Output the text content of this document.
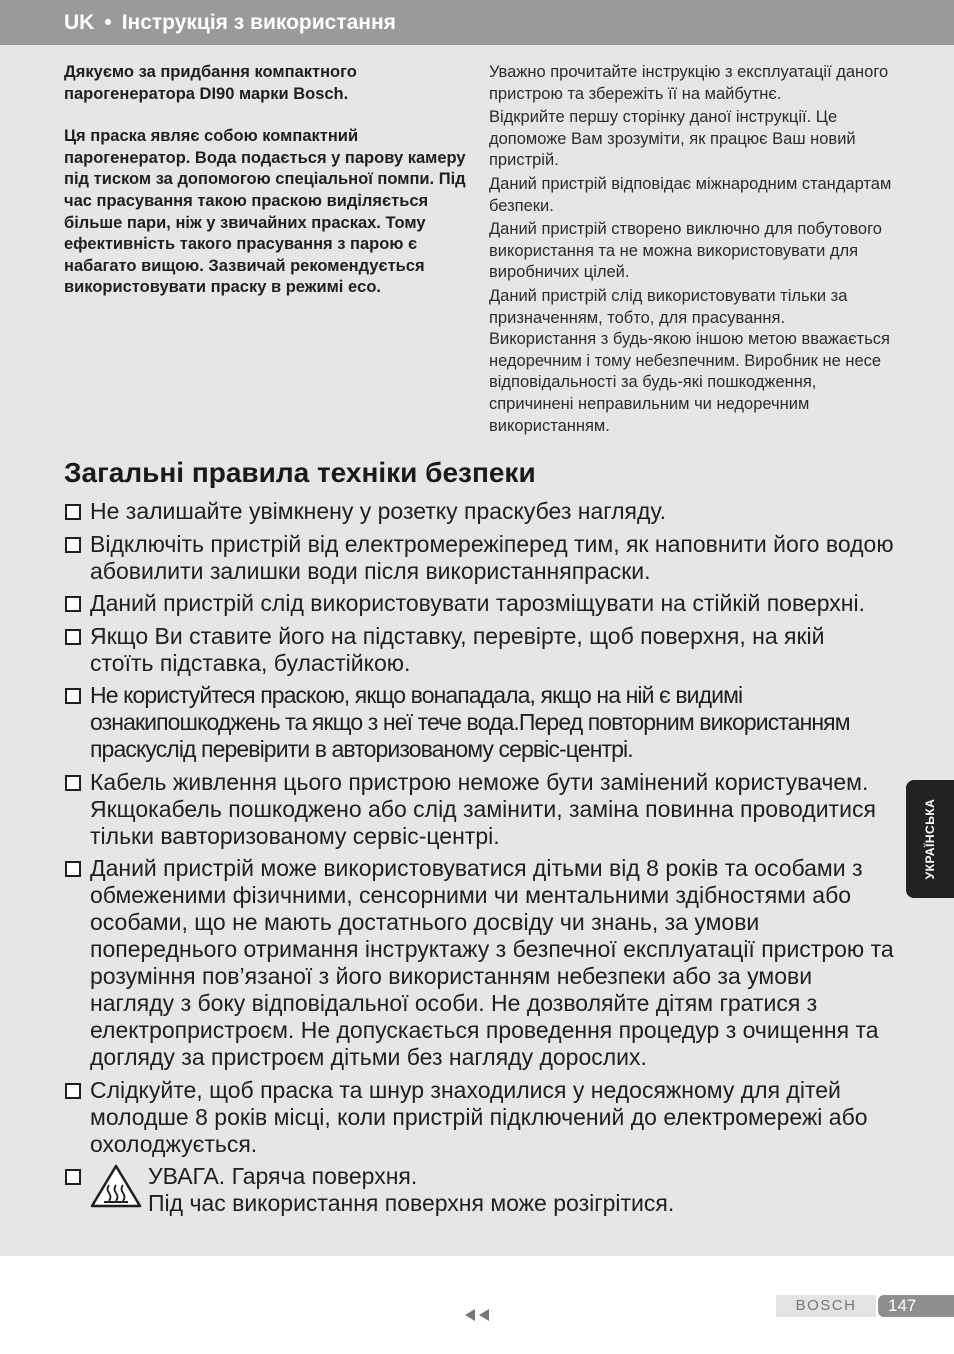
UK • Інструкція з використання

Дякуємо за придбання компактного парогенератора DI90 марки Bosch.

Ця праска являє собою компактний парогенератор. Вода подається у парову камеру під тиском за допомогою спеціальної помпи. Під час прасування такою праскою виділяється більше пари, ніж у звичайних прасках. Тому ефективність такого прасування з парою є набагато вищою. Зазвичай рекомендується використовувати праску в режимі eco.

Уважно прочитайте інструкцію з експлуатації даного пристрою та збережіть її на майбутнє.

Відкрийте першу сторінку даної інструкції. Це допоможе Вам зрозуміти, як працює Ваш новий пристрій.

Даний пристрій відповідає міжнародним стандартам безпеки.

Даний пристрій створено виключно для побутового використання та не можна використовувати для виробничих цілей.

Даний пристрій слід використовувати тільки за призначенням, тобто, для прасування. Використання з будь-якою іншою метою вважається недоречним і тому небезпечним. Виробник не несе відповідальності за будь-які пошкодження, спричинені неправильним чи недоречним використанням.

Загальні правила техніки безпеки
Не залишайте увімкнену у розетку праскубез нагляду.
Відключіть пристрій від електромережіперед тим, як наповнити його водою абовилити залишки води після використанняпраски.
Даний пристрій слід використовувати тарозміщувати на стійкій поверхні.
Якщо Ви ставите його на підставку, перевірте, щоб поверхня, на якій стоїть підставка, буластійкою.
Не користуйтеся праскою, якщо вонападала, якщо на ній є видимі ознакипошкоджень та якщо з неї тече вода.Перед повторним використанням праскуслід перевірити в авторизованому сервіс-центрі.
Кабель живлення цього пристрою неможе бути замінений користувачем. Якщокабель пошкоджено або слід замінити, заміна повинна проводитися тільки вавторизованому сервіс-центрі.
Даний пристрій може використовуватися дітьми від 8 років та особами з обмеженими фізичними, сенсорними чи ментальними здібностями або особами, що не мають достатнього досвіду чи знань, за умови попереднього отримання інструктажу з безпечної експлуатації пристрою та розуміння пов’язаної з його використанням небезпеки або за умови нагляду з боку відповідальної особи. Не дозволяйте дітям гратися з електропристроєм. Не допускається проведення процедур з очищення та догляду за пристроєм дітьми без нагляду дорослих.
Слідкуйте, щоб праска та шнур знаходилися у недосяжному для дітей молодше 8 років місці, коли пристрій підключений до електромережі або охолоджується.
УВАГА. Гаряча поверхня.
Під час використання поверхня може розігрітися.
УКРАЇНСЬКА
BOSCH	147
